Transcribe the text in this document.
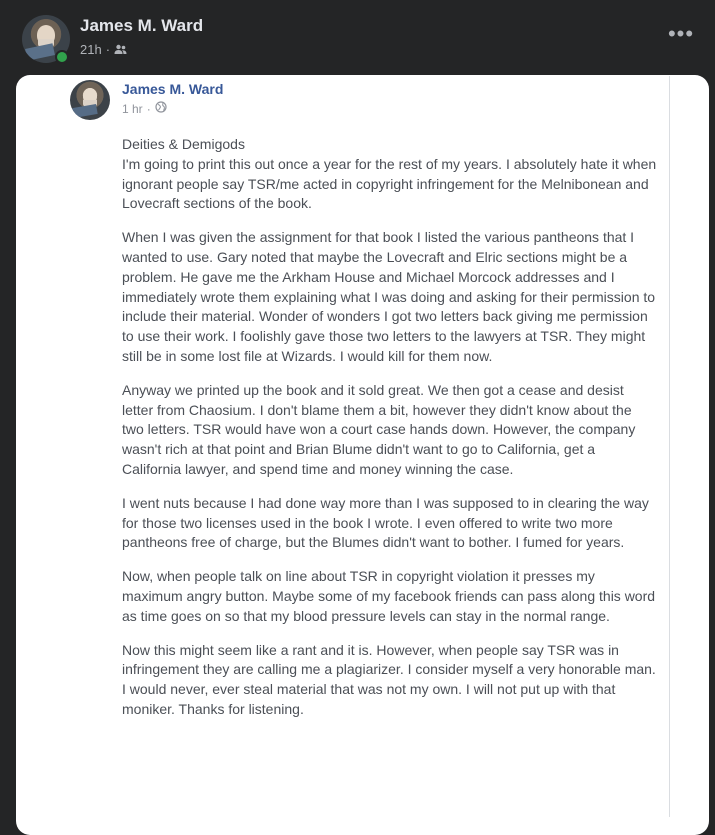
James M. Ward
21h ·
•••
James M. Ward
1 hr ·

Deities & Demigods
I'm going to print this out once a year for the rest of my years. I absolutely hate it when ignorant people say TSR/me acted in copyright infringement for the Melnibonean and Lovecraft sections of the book.

When I was given the assignment for that book I listed the various pantheons that I wanted to use. Gary noted that maybe the Lovecraft and Elric sections might be a problem. He gave me the Arkham House and Michael Morcock addresses and I immediately wrote them explaining what I was doing and asking for their permission to include their material. Wonder of wonders I got two letters back giving me permission to use their work. I foolishly gave those two letters to the lawyers at TSR. They might still be in some lost file at Wizards. I would kill for them now.

Anyway we printed up the book and it sold great. We then got a cease and desist letter from Chaosium. I don't blame them a bit, however they didn't know about the two letters. TSR would have won a court case hands down. However, the company wasn't rich at that point and Brian Blume didn't want to go to California, get a California lawyer, and spend time and money winning the case.

I went nuts because I had done way more than I was supposed to in clearing the way for those two licenses used in the book I wrote. I even offered to write two more pantheons free of charge, but the Blumes didn't want to bother. I fumed for years.

Now, when people talk on line about TSR in copyright violation it presses my maximum angry button. Maybe some of my facebook friends can pass along this word as time goes on so that my blood pressure levels can stay in the normal range.

Now this might seem like a rant and it is. However, when people say TSR was in infringement they are calling me a plagiarizer. I consider myself a very honorable man. I would never, ever steal material that was not my own. I will not put up with that moniker. Thanks for listening.
